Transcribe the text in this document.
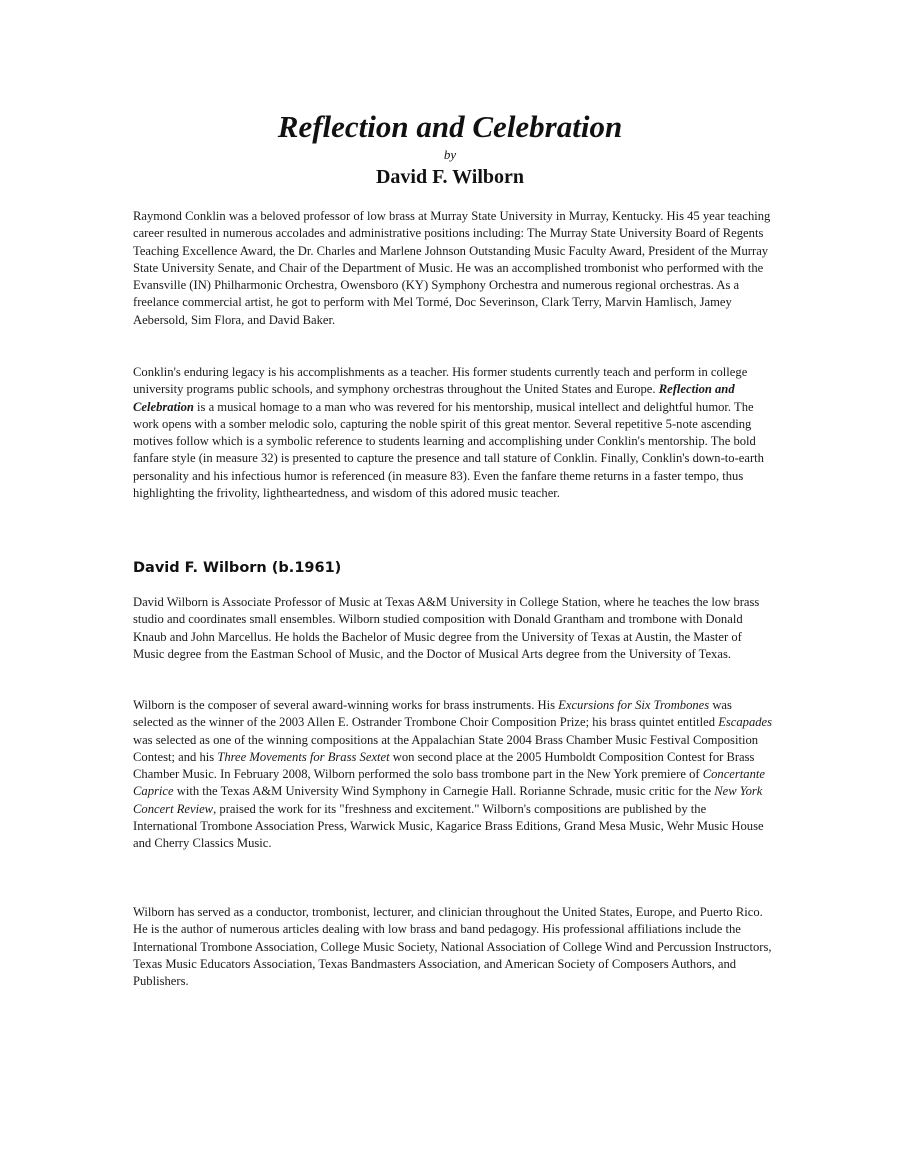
Reflection and Celebration
by
David F. Wilborn

Raymond Conklin was a beloved professor of low brass at Murray State University in Murray, Kentucky. His 45 year teaching career resulted in numerous accolades and administrative positions including: The Murray State University Board of Regents Teaching Excellence Award, the Dr. Charles and Marlene Johnson Outstanding Music Faculty Award, President of the Murray State University Senate, and Chair of the Department of Music. He was an accomplished trombonist who performed with the Evansville (IN) Philharmonic Orchestra, Owensboro (KY) Symphony Orchestra and numerous regional orchestras. As a freelance commercial artist, he got to perform with Mel Tormé, Doc Severinson, Clark Terry, Marvin Hamlisch, Jamey Aebersold, Sim Flora, and David Baker.

Conklin's enduring legacy is his accomplishments as a teacher. His former students currently teach and perform in college university programs public schools, and symphony orchestras throughout the United States and Europe. Reflection and Celebration is a musical homage to a man who was revered for his mentorship, musical intellect and delightful humor. The work opens with a somber melodic solo, capturing the noble spirit of this great mentor. Several repetitive 5-note ascending motives follow which is a symbolic reference to students learning and accomplishing under Conklin's mentorship. The bold fanfare style (in measure 32) is presented to capture the presence and tall stature of Conklin. Finally, Conklin's down-to-earth personality and his infectious humor is referenced (in measure 83). Even the fanfare theme returns in a faster tempo, thus highlighting the frivolity, lightheartedness, and wisdom of this adored music teacher.

David F. Wilborn (b.1961)

David Wilborn is Associate Professor of Music at Texas A&M University in College Station, where he teaches the low brass studio and coordinates small ensembles. Wilborn studied composition with Donald Grantham and trombone with Donald Knaub and John Marcellus. He holds the Bachelor of Music degree from the University of Texas at Austin, the Master of Music degree from the Eastman School of Music, and the Doctor of Musical Arts degree from the University of Texas.

Wilborn is the composer of several award-winning works for brass instruments. His Excursions for Six Trombones was selected as the winner of the 2003 Allen E. Ostrander Trombone Choir Composition Prize; his brass quintet entitled Escapades was selected as one of the winning compositions at the Appalachian State 2004 Brass Chamber Music Festival Composition Contest; and his Three Movements for Brass Sextet won second place at the 2005 Humboldt Composition Contest for Brass Chamber Music. In February 2008, Wilborn performed the solo bass trombone part in the New York premiere of Concertante Caprice with the Texas A&M University Wind Symphony in Carnegie Hall. Rorianne Schrade, music critic for the New York Concert Review, praised the work for its "freshness and excitement." Wilborn's compositions are published by the International Trombone Association Press, Warwick Music, Kagarice Brass Editions, Grand Mesa Music, Wehr Music House and Cherry Classics Music.

Wilborn has served as a conductor, trombonist, lecturer, and clinician throughout the United States, Europe, and Puerto Rico. He is the author of numerous articles dealing with low brass and band pedagogy. His professional affiliations include the International Trombone Association, College Music Society, National Association of College Wind and Percussion Instructors, Texas Music Educators Association, Texas Bandmasters Association, and American Society of Composers Authors, and Publishers.
